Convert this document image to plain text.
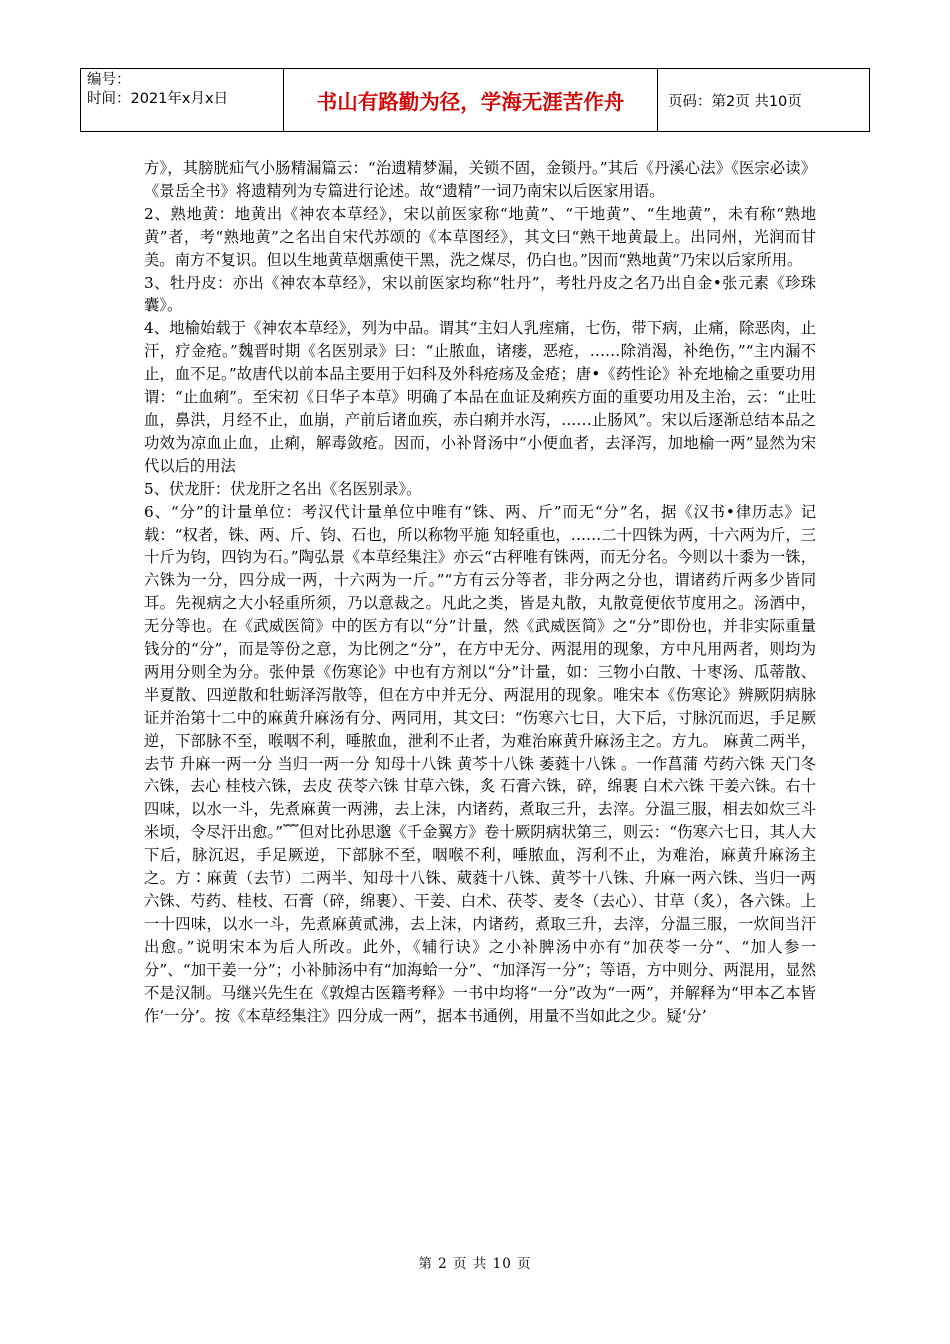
编号：
时间：2021年x月x日	书山有路勤为径，学海无涯苦作舟	页码：第2页 共10页

方》，其膀胱疝气小肠精漏篇云：“治遗精梦漏，关锁不固，金锁丹。”其后《丹溪心法》《医宗必读》《景岳全书》将遗精列为专篇进行论述。故“遗精”一词乃南宋以后医家用语。

2、熟地黄：地黄出《神农本草经》，宋以前医家称“地黄”、“干地黄”、“生地黄”，未有称“熟地黄”者，考“熟地黄”之名出自宋代苏颂的《本草图经》，其文曰“熟干地黄最上。出同州，光润而甘美。南方不复识。但以生地黄草烟熏使干黑，洗之煤尽，仍白也。”因而“熟地黄”乃宋以后家所用。

3、牡丹皮：亦出《神农本草经》，宋以前医家均称“牡丹”，考牡丹皮之名乃出自金•张元素《珍珠囊》。

4、地榆始载于《神农本草经》，列为中品。谓其“主妇人乳痓痛，七伤，带下病，止痛，除恶肉，止汗，疗金疮。”魏晋时期《名医别录》曰：“止脓血，诸瘘，恶疮，……除消渴，补绝伤，”“主内漏不止，血不足。”故唐代以前本品主要用于妇科及外科疮疡及金疮；唐•《药性论》补充地榆之重要功用谓：“止血痢”。至宋初《日华子本草》明确了本品在血证及痢疾方面的重要功用及主治，云：“止吐血，鼻洪，月经不止，血崩，产前后诸血疾，赤白痢并水泻，……止肠风”。宋以后逐渐总结本品之功效为凉血止血，止痢，解毒敛疮。因而，小补肾汤中“小便血者，去泽泻，加地榆一两”显然为宋代以后的用法

5、伏龙肝：伏龙肝之名出《名医别录》。

6、“分”的计量单位：考汉代计量单位中唯有“铢、两、斤”而无“分”名，据《汉书•律历志》记载：“权者，铢、两、斤、钧、石也，所以称物平施 知轻重也，……二十四铢为两，十六两为斤，三十斤为钧，四钧为石。”陶弘景《本草经集注》亦云“古秤唯有铢两，而无分名。今则以十黍为一铢，六铢为一分，四分成一两，十六两为一斤。”“方有云分等者，非分两之分也，谓诸药斤两多少皆同耳。先视病之大小轻重所须，乃以意裁之。凡此之类，皆是丸散，丸散竟便依节度用之。汤酒中，无分等也。在《武威医简》中的医方有以“分”计量，然《武威医简》之“分”即份也，并非实际重量钱分的“分”，而是等份之意，为比例之“分”，在方中无分、两混用的现象，方中凡用两者，则均为两用分则全为分。张仲景《伤寒论》中也有方剂以“分”计量，如：三物小白散、十枣汤、瓜蒂散、半夏散、四逆散和牡蛎泽泻散等，但在方中并无分、两混用的现象。唯宋本《伤寒论》辨厥阴病脉证并治第十二中的麻黄升麻汤有分、两同用，其文曰：“伤寒六七日，大下后，寸脉沉而迟，手足厥逆，下部脉不至，喉咽不利，唾脓血，泄利不止者，为难治麻黄升麻汤主之。方九。 麻黄二两半，去节 升麻一两一分 当归一两一分 知母十八铢 黄芩十八铢 萎蕤十八铢 。一作菖蒲 芍药六铢 天门冬六铢，去心 桂枝六铢，去皮 茯苓六铢 甘草六铢，炙 石膏六铢，碎，绵裹 白术六铢 干姜六铢。右十四味，以水一斗，先煮麻黄一两沸，去上沫，内诸药，煮取三升，去滓。分温三服，相去如炊三斗米顷，令尽汗出愈。”﹌但对比孙思邈《千金翼方》卷十厥阴病状第三，则云：“伤寒六七日，其人大下后，脉沉迟，手足厥逆，下部脉不至，咽喉不利，唾脓血，泻利不止，为难治，麻黄升麻汤主之。方∶麻黄（去节）二两半、知母十八铢、葳蕤十八铢、黄芩十八铢、升麻一两六铢、当归一两六铢、芍药、桂枝、石膏（碎，绵裹）、干姜、白术、茯苓、麦冬（去心）、甘草（炙），各六铢。上一十四味，以水一斗，先煮麻黄贰沸，去上沫，内诸药，煮取三升，去滓，分温三服，一炊间当汗出愈。”说明宋本为后人所改。此外，《辅行诀》之小补脾汤中亦有“加茯苓一分”、“加人参一分”、“加干姜一分”；小补肺汤中有“加海蛤一分”、“加泽泻一分”；等语，方中则分、两混用，显然不是汉制。马继兴先生在《敦煌古医籍考释》一书中均将“一分”改为“一两”，并解释为“甲本乙本皆作‘一分’。按《本草经集注》四分成一两”，据本书通例，用量不当如此之少。疑‘分’

第 2 页 共 10 页
